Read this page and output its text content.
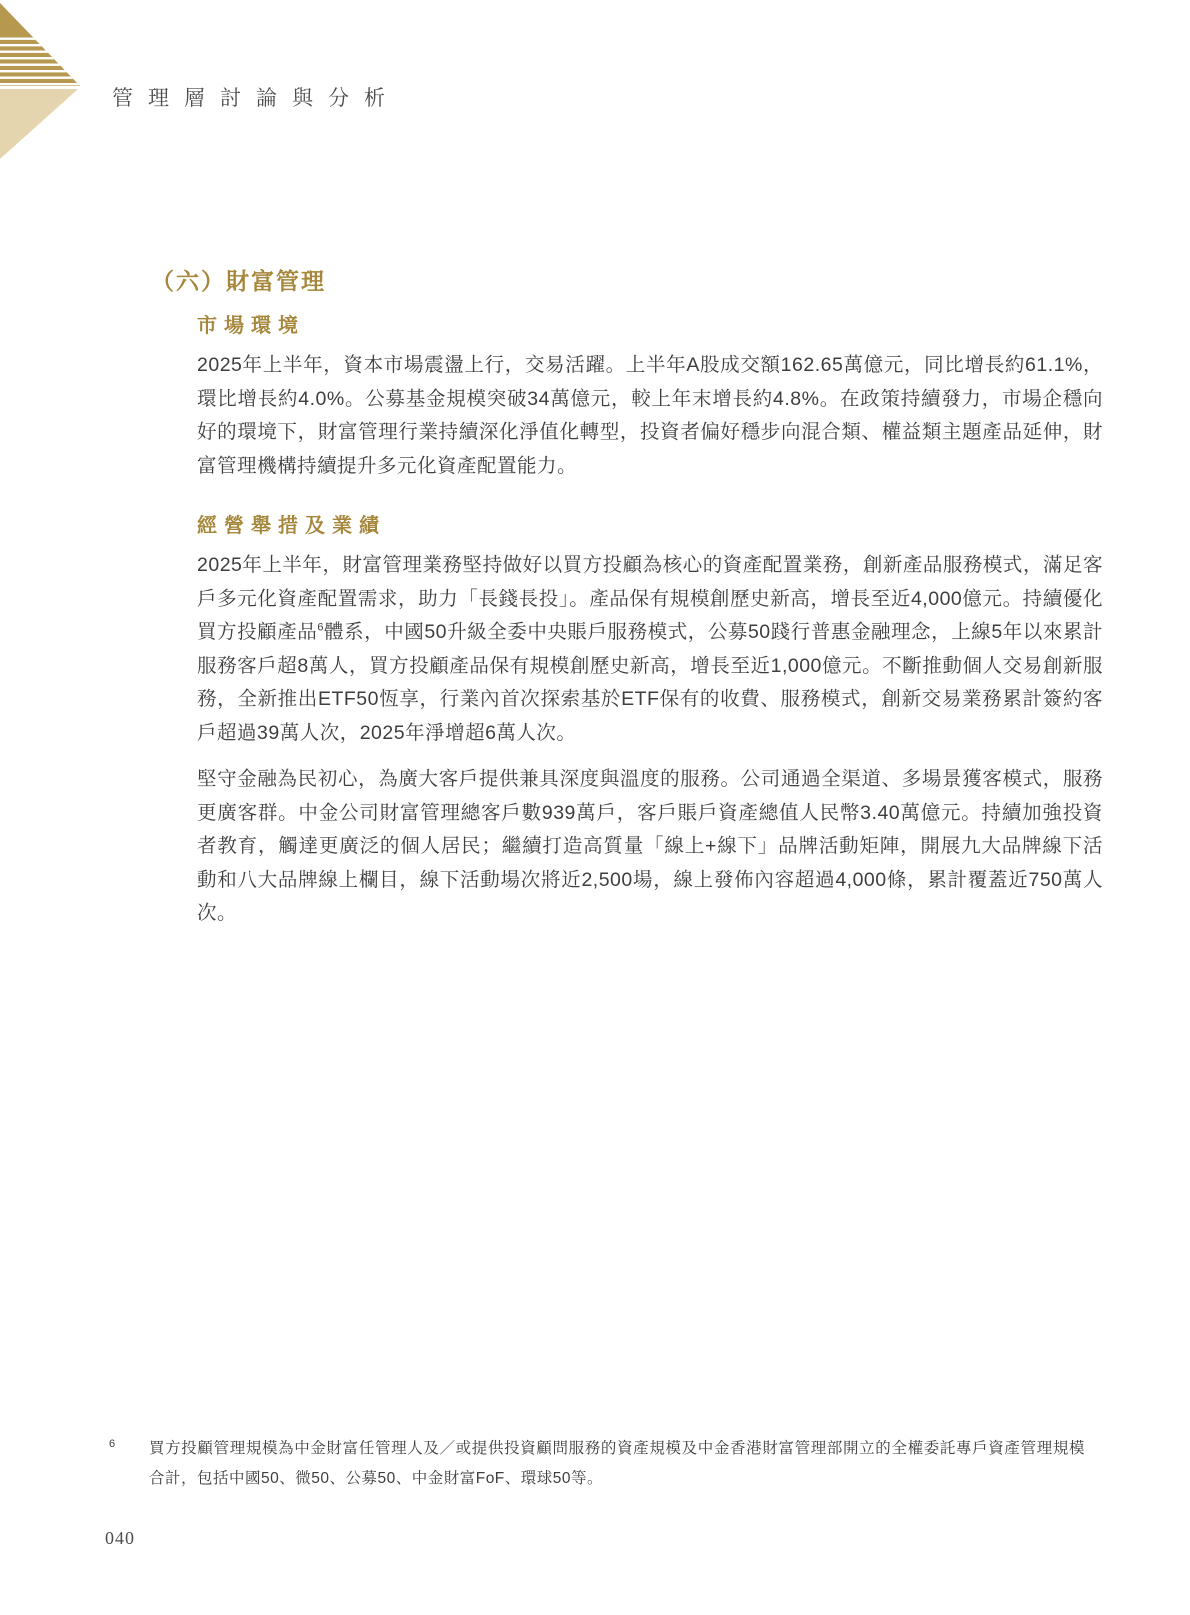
管理層討論與分析
（六）財富管理
市場環境

2025年上半年，資本市場震盪上行，交易活躍。上半年A股成交額162.65萬億元，同比增長約61.1%，環比增長約4.0%。公募基金規模突破34萬億元，較上年末增長約4.8%。在政策持續發力，市場企穩向好的環境下，財富管理行業持續深化淨值化轉型，投資者偏好穩步向混合類、權益類主題產品延伸，財富管理機構持續提升多元化資產配置能力。

經營舉措及業績

2025年上半年，財富管理業務堅持做好以買方投顧為核心的資產配置業務，創新產品服務模式，滿足客戶多元化資產配置需求，助力「長錢長投」。產品保有規模創歷史新高，增長至近4,000億元。持續優化買方投顧產品$^6$體系，中國50升級全委中央賬戶服務模式，公募50踐行普惠金融理念，上線5年以來累計服務客戶超8萬人，買方投顧產品保有規模創歷史新高，增長至近1,000億元。不斷推動個人交易創新服務，全新推出ETF50恆享，行業內首次探索基於ETF保有的收費、服務模式，創新交易業務累計簽約客戶超過39萬人次，2025年淨增超6萬人次。

堅守金融為民初心，為廣大客戶提供兼具深度與溫度的服務。公司通過全渠道、多場景獲客模式，服務更廣客群。中金公司財富管理總客戶數939萬戶，客戶賬戶資產總值人民幣3.40萬億元。持續加強投資者教育，觸達更廣泛的個人居民；繼續打造高質量「線上+線下」品牌活動矩陣，開展九大品牌線下活動和八大品牌線上欄目，線下活動場次將近2,500場，線上發佈內容超過4,000條，累計覆蓋近750萬人次。

6 買方投顧管理規模為中金財富任管理人及／或提供投資顧問服務的資產規模及中金香港財富管理部開立的全權委託專戶資產管理規模合計，包括中國50、微50、公募50、中金財富FoF、環球50等。
040
